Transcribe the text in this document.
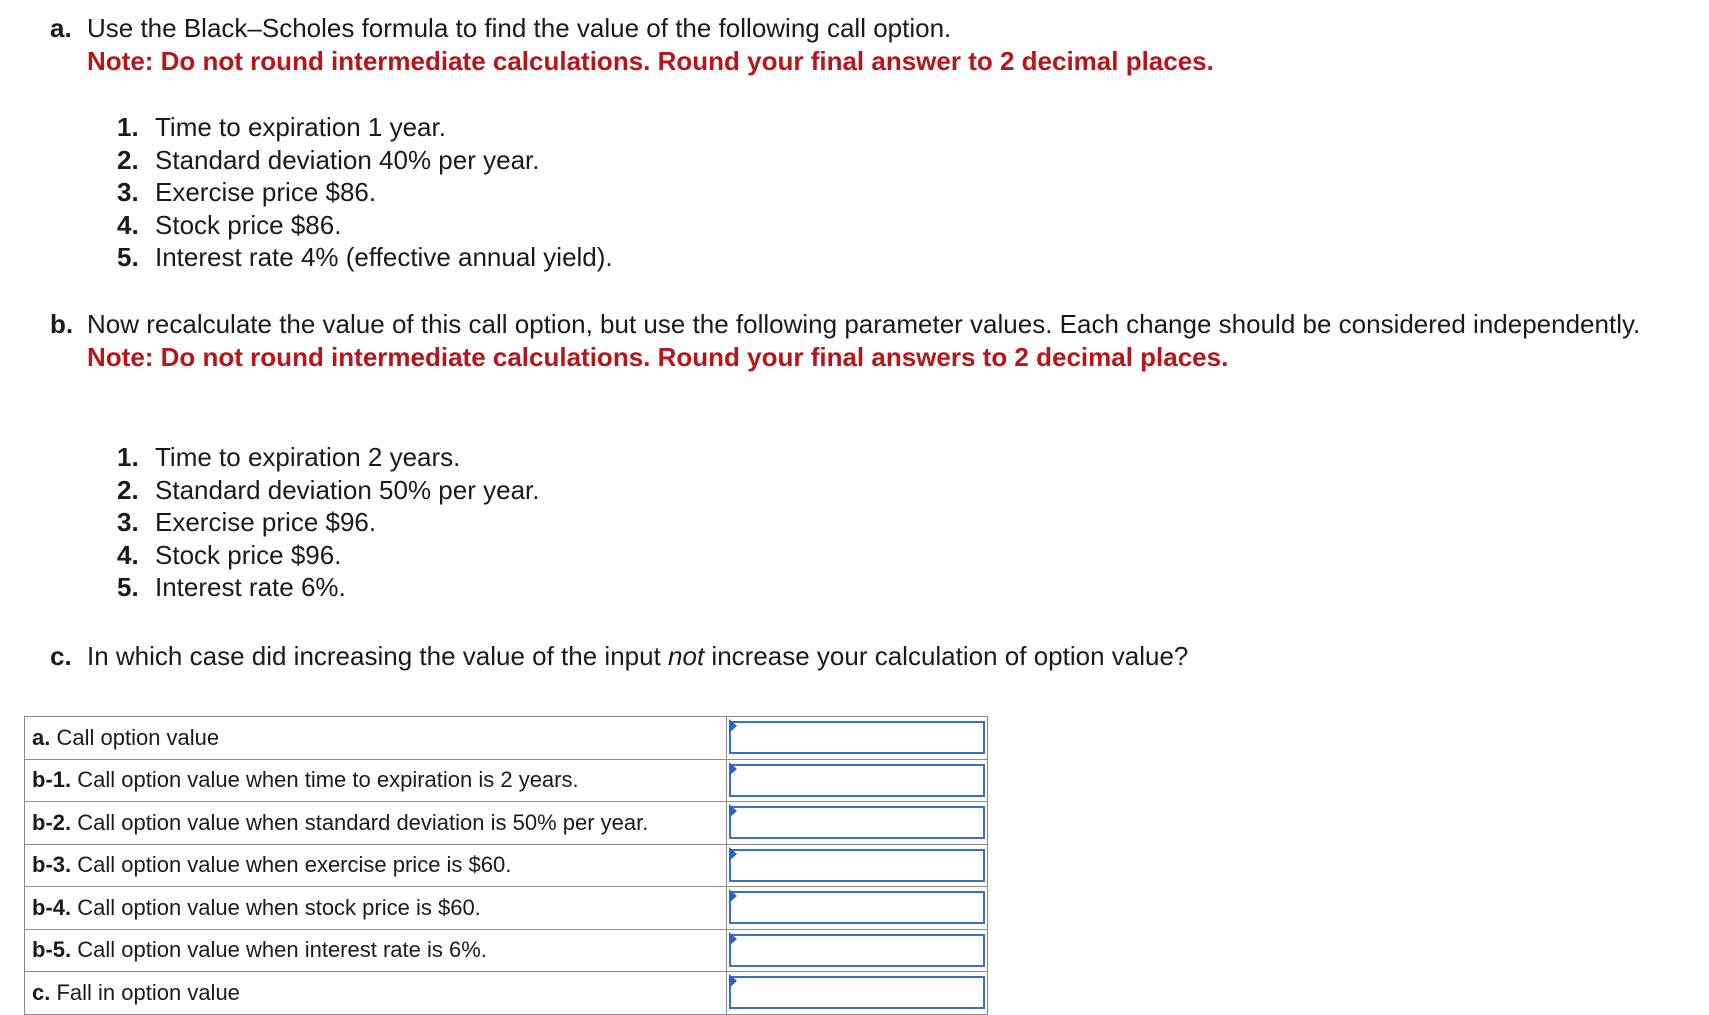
a. Use the Black–Scholes formula to find the value of the following call option.
Note: Do not round intermediate calculations. Round your final answer to 2 decimal places.
1. Time to expiration 1 year.
2. Standard deviation 40% per year.
3. Exercise price $86.
4. Stock price $86.
5. Interest rate 4% (effective annual yield).
b. Now recalculate the value of this call option, but use the following parameter values. Each change should be considered independently.
Note: Do not round intermediate calculations. Round your final answers to 2 decimal places.
1. Time to expiration 2 years.
2. Standard deviation 50% per year.
3. Exercise price $96.
4. Stock price $96.
5. Interest rate 6%.
c. In which case did increasing the value of the input not increase your calculation of option value?
a. Call option value	

b-1. Call option value when time to expiration is 2 years.	

b-2. Call option value when standard deviation is 50% per year.	

b-3. Call option value when exercise price is $60.	

b-4. Call option value when stock price is $60.	

b-5. Call option value when interest rate is 6%.	

c. Fall in option value	
